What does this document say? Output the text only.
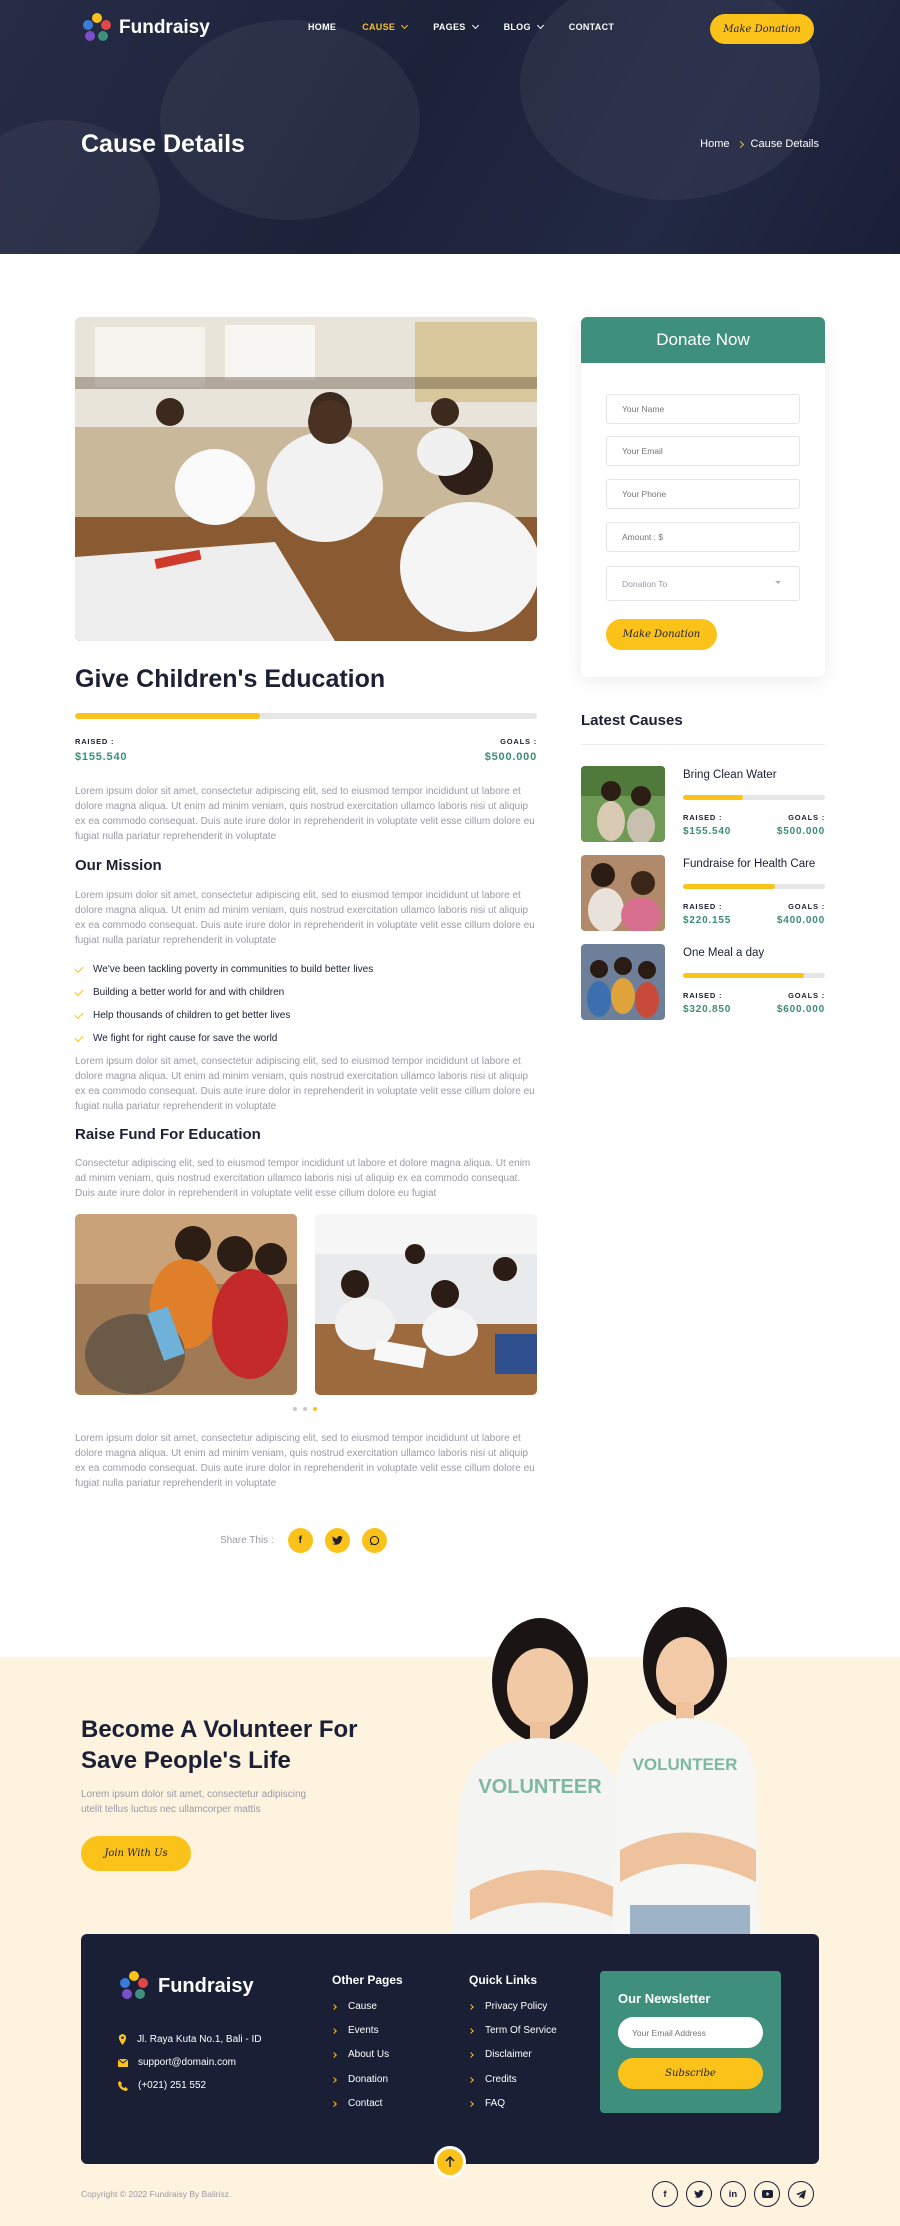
Fundraisy	HOME	CAUSE	PAGES	BLOG	CONTACT	Make Donation
Cause Details	Home Cause Details
Give Children's Education
RAISED :
$155.540
GOALS :
$500.000

Lorem ipsum dolor sit amet, consectetur adipiscing elit, sed to eiusmod tempor incididunt ut labore et dolore magna aliqua. Ut enim ad minim veniam, quis nostrud exercitation ullamco laboris nisi ut aliquip ex ea commodo consequat. Duis aute irure dolor in reprehenderit in voluptate velit esse cillum dolore eu fugiat nulla pariatur reprehenderit in voluptate

Our Mission

Lorem ipsum dolor sit amet, consectetur adipiscing elit, sed to eiusmod tempor incididunt ut labore et dolore magna aliqua. Ut enim ad minim veniam, quis nostrud exercitation ullamco laboris nisi ut aliquip ex ea commodo consequat. Duis aute irure dolor in reprehenderit in voluptate velit esse cillum dolore eu fugiat nulla pariatur reprehenderit in voluptate

We've been tackling poverty in communities to build better lives
Building a better world for and with children
Help thousands of children to get better lives
We fight for right cause for save the world

Lorem ipsum dolor sit amet, consectetur adipiscing elit, sed to eiusmod tempor incididunt ut labore et dolore magna aliqua. Ut enim ad minim veniam, quis nostrud exercitation ullamco laboris nisi ut aliquip ex ea commodo consequat. Duis aute irure dolor in reprehenderit in voluptate velit esse cillum dolore eu fugiat nulla pariatur reprehenderit in voluptate

Raise Fund For Education

Consectetur adipiscing elit, sed to eiusmod tempor incididunt ut labore et dolore magna aliqua. Ut enim ad minim veniam, quis nostrud exercitation ullamco laboris nisi ut aliquip ex ea commodo consequat. Duis aute irure dolor in reprehenderit in voluptate velit esse cillum dolore eu fugiat

Lorem ipsum dolor sit amet, consectetur adipiscing elit, sed to eiusmod tempor incididunt ut labore et dolore magna aliqua. Ut enim ad minim veniam, quis nostrud exercitation ullamco laboris nisi ut aliquip ex ea commodo consequat. Duis aute irure dolor in reprehenderit in voluptate velit esse cillum dolore eu fugiat nulla pariatur reprehenderit in voluptate

Share This :	f
Donate Now
Your Name
Your Email
Your Phone
Amount : $
Donation To
Make Donation
Latest Causes
Bring Clean Water
RAISED :
$155.540
GOALS :
$500.000
Fundraise for Health Care
RAISED :
$220.155
GOALS :
$400.000
One Meal a day
RAISED :
$320.850
GOALS :
$600.000
VOLUNTEER
VOLUNTEER
Become A Volunteer For
Save People's Life

Lorem ipsum dolor sit amet, consectetur adipiscing utelit tellus luctus nec ullamcorper mattis

Join With Us
Fundraisy
Jl. Raya Kuta No.1, Bali - ID
support@domain.com
(+021) 251 552
Other Pages
Cause
Events
About Us
Donation
Contact
Quick Links
Privacy Policy
Term Of Service
Disclaimer
Credits
FAQ
Our Newsletter
Your Email Address
Subscribe
Copyright © 2022 Fundraisy By Balirisz.	f	in
